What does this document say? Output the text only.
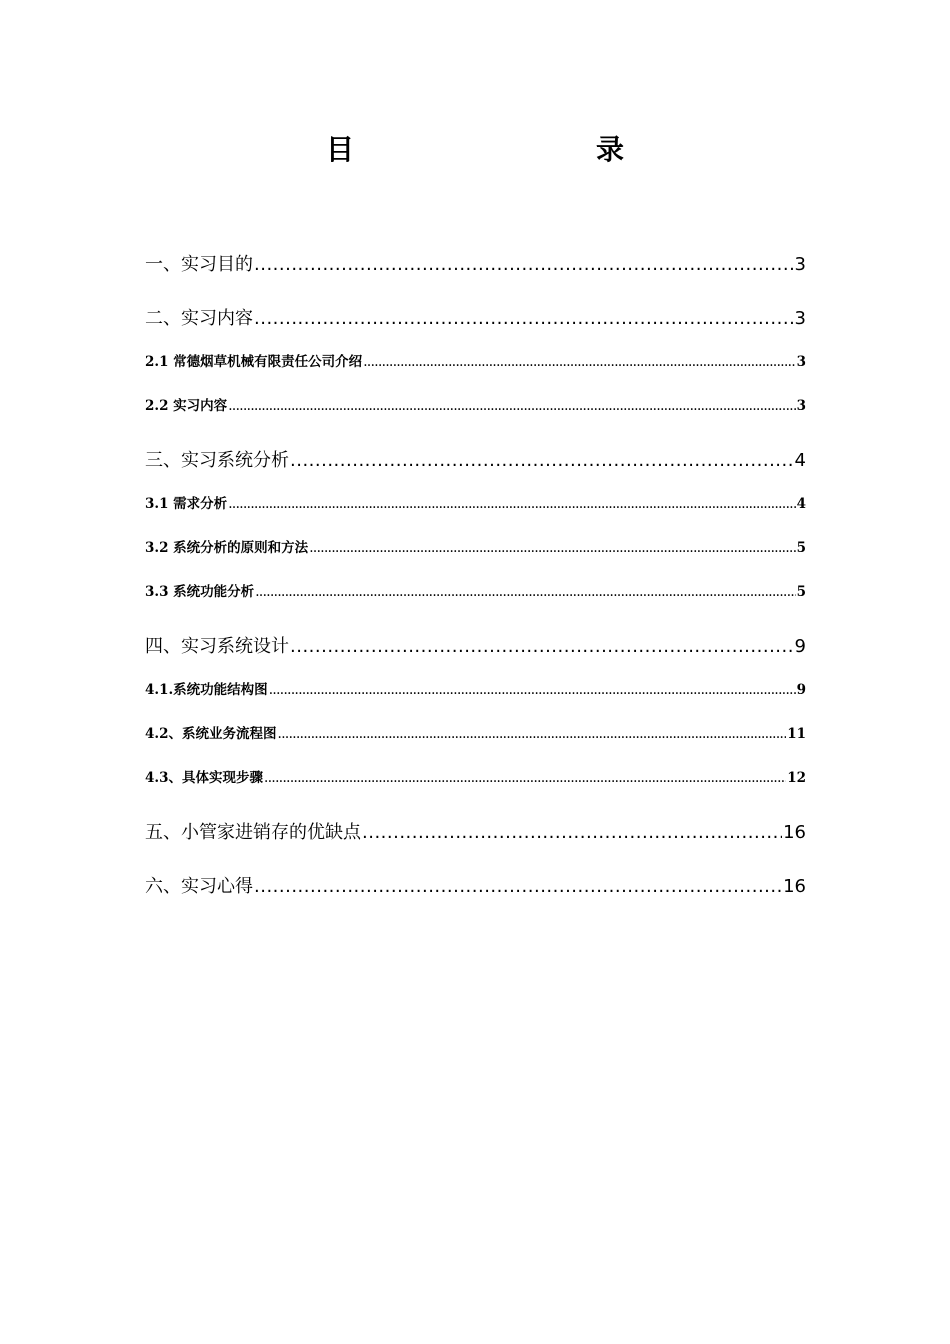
目　　录
一、实习目的 .....	3
二、实习内容 .....	3
2.1 常德烟草机械有限责任公司介绍 .....	3
2.2 实习内容 .....	3
三、实习系统分析 .....	4
3.1 需求分析 .....	4
3.2 系统分析的原则和方法 .....	5
3.3 系统功能分析 .....	5
四、实习系统设计 .....	9
4.1.系统功能结构图 .....	9
4.2、系统业务流程图 .....	11
4.3、具体实现步骤 .....	12
五、小管家进销存的优缺点 .....	16
六、实习心得 .....	16
